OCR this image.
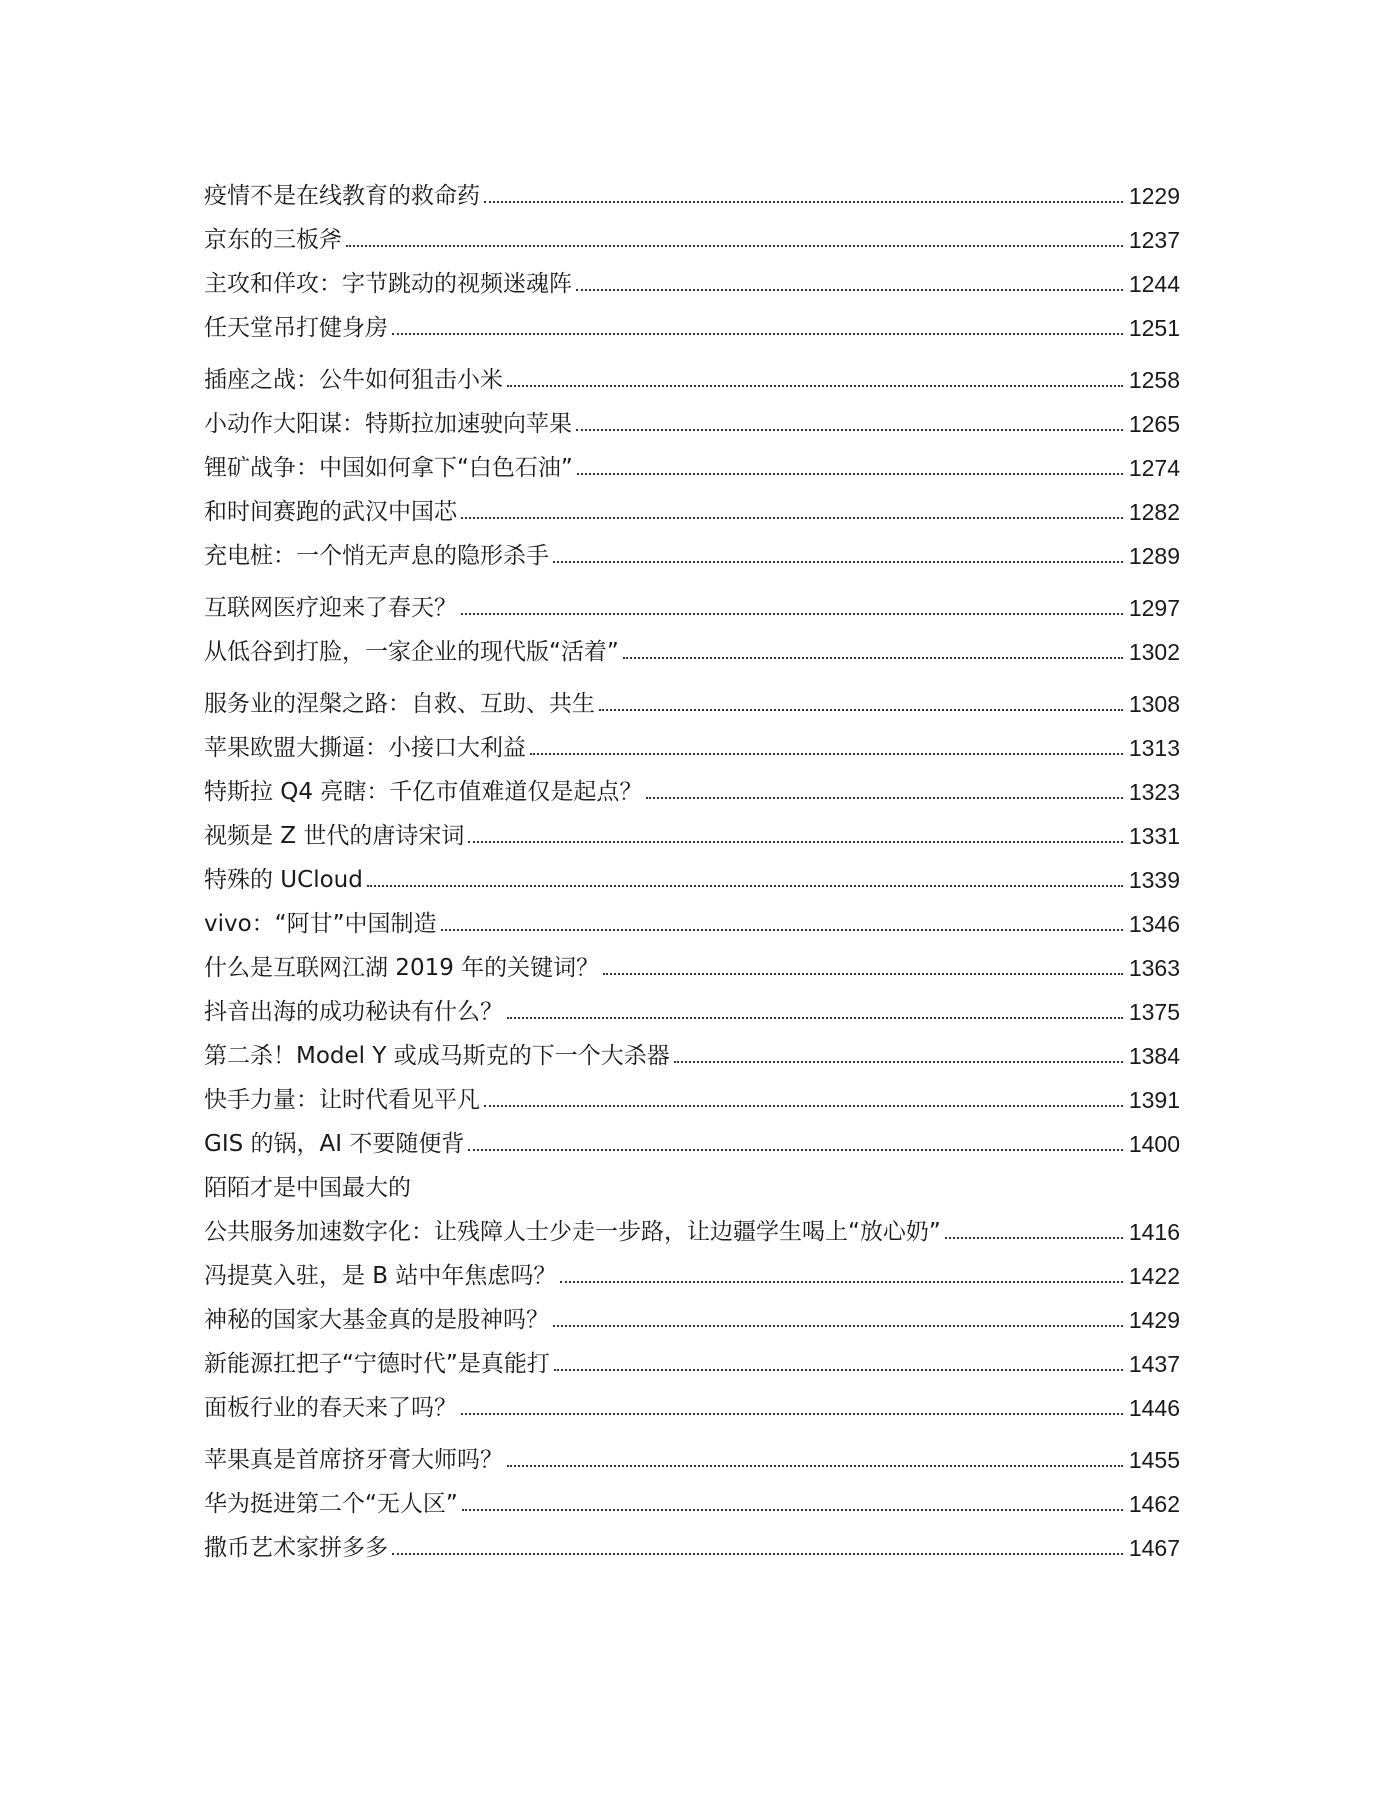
疫情不是在线教育的救命药	1229
京东的三板斧	1237
主攻和佯攻：字节跳动的视频迷魂阵	1244
任天堂吊打健身房	1251
插座之战：公牛如何狙击小米	1258
小动作大阳谋：特斯拉加速驶向苹果	1265
锂矿战争：中国如何拿下“白色石油”	1274
和时间赛跑的武汉中国芯	1282
充电桩：一个悄无声息的隐形杀手	1289
互联网医疗迎来了春天？	1297
从低谷到打脸，一家企业的现代版“活着”	1302
服务业的涅槃之路：自救、互助、共生	1308
苹果欧盟大撕逼：小接口大利益	1313
特斯拉 Q4 亮瞎：千亿市值难道仅是起点？	1323
视频是 Z 世代的唐诗宋词	1331
特殊的 UCloud	1339
vivo：“阿甘”中国制造	1346
什么是互联网江湖 2019 年的关键词？	1363
抖音出海的成功秘诀有什么？	1375
第二杀！Model Y 或成马斯克的下一个大杀器	1384
快手力量：让时代看见平凡	1391
GIS 的锅，AI 不要随便背	1400
陌陌才是中国最大的
公共服务加速数字化：让残障人士少走一步路，让边疆学生喝上“放心奶”	1416
冯提莫入驻，是 B 站中年焦虑吗？	1422
神秘的国家大基金真的是股神吗？	1429
新能源扛把子“宁德时代”是真能打	1437
面板行业的春天来了吗？	1446
苹果真是首席挤牙膏大师吗？	1455
华为挺进第二个“无人区”	1462
撒币艺术家拼多多	1467
